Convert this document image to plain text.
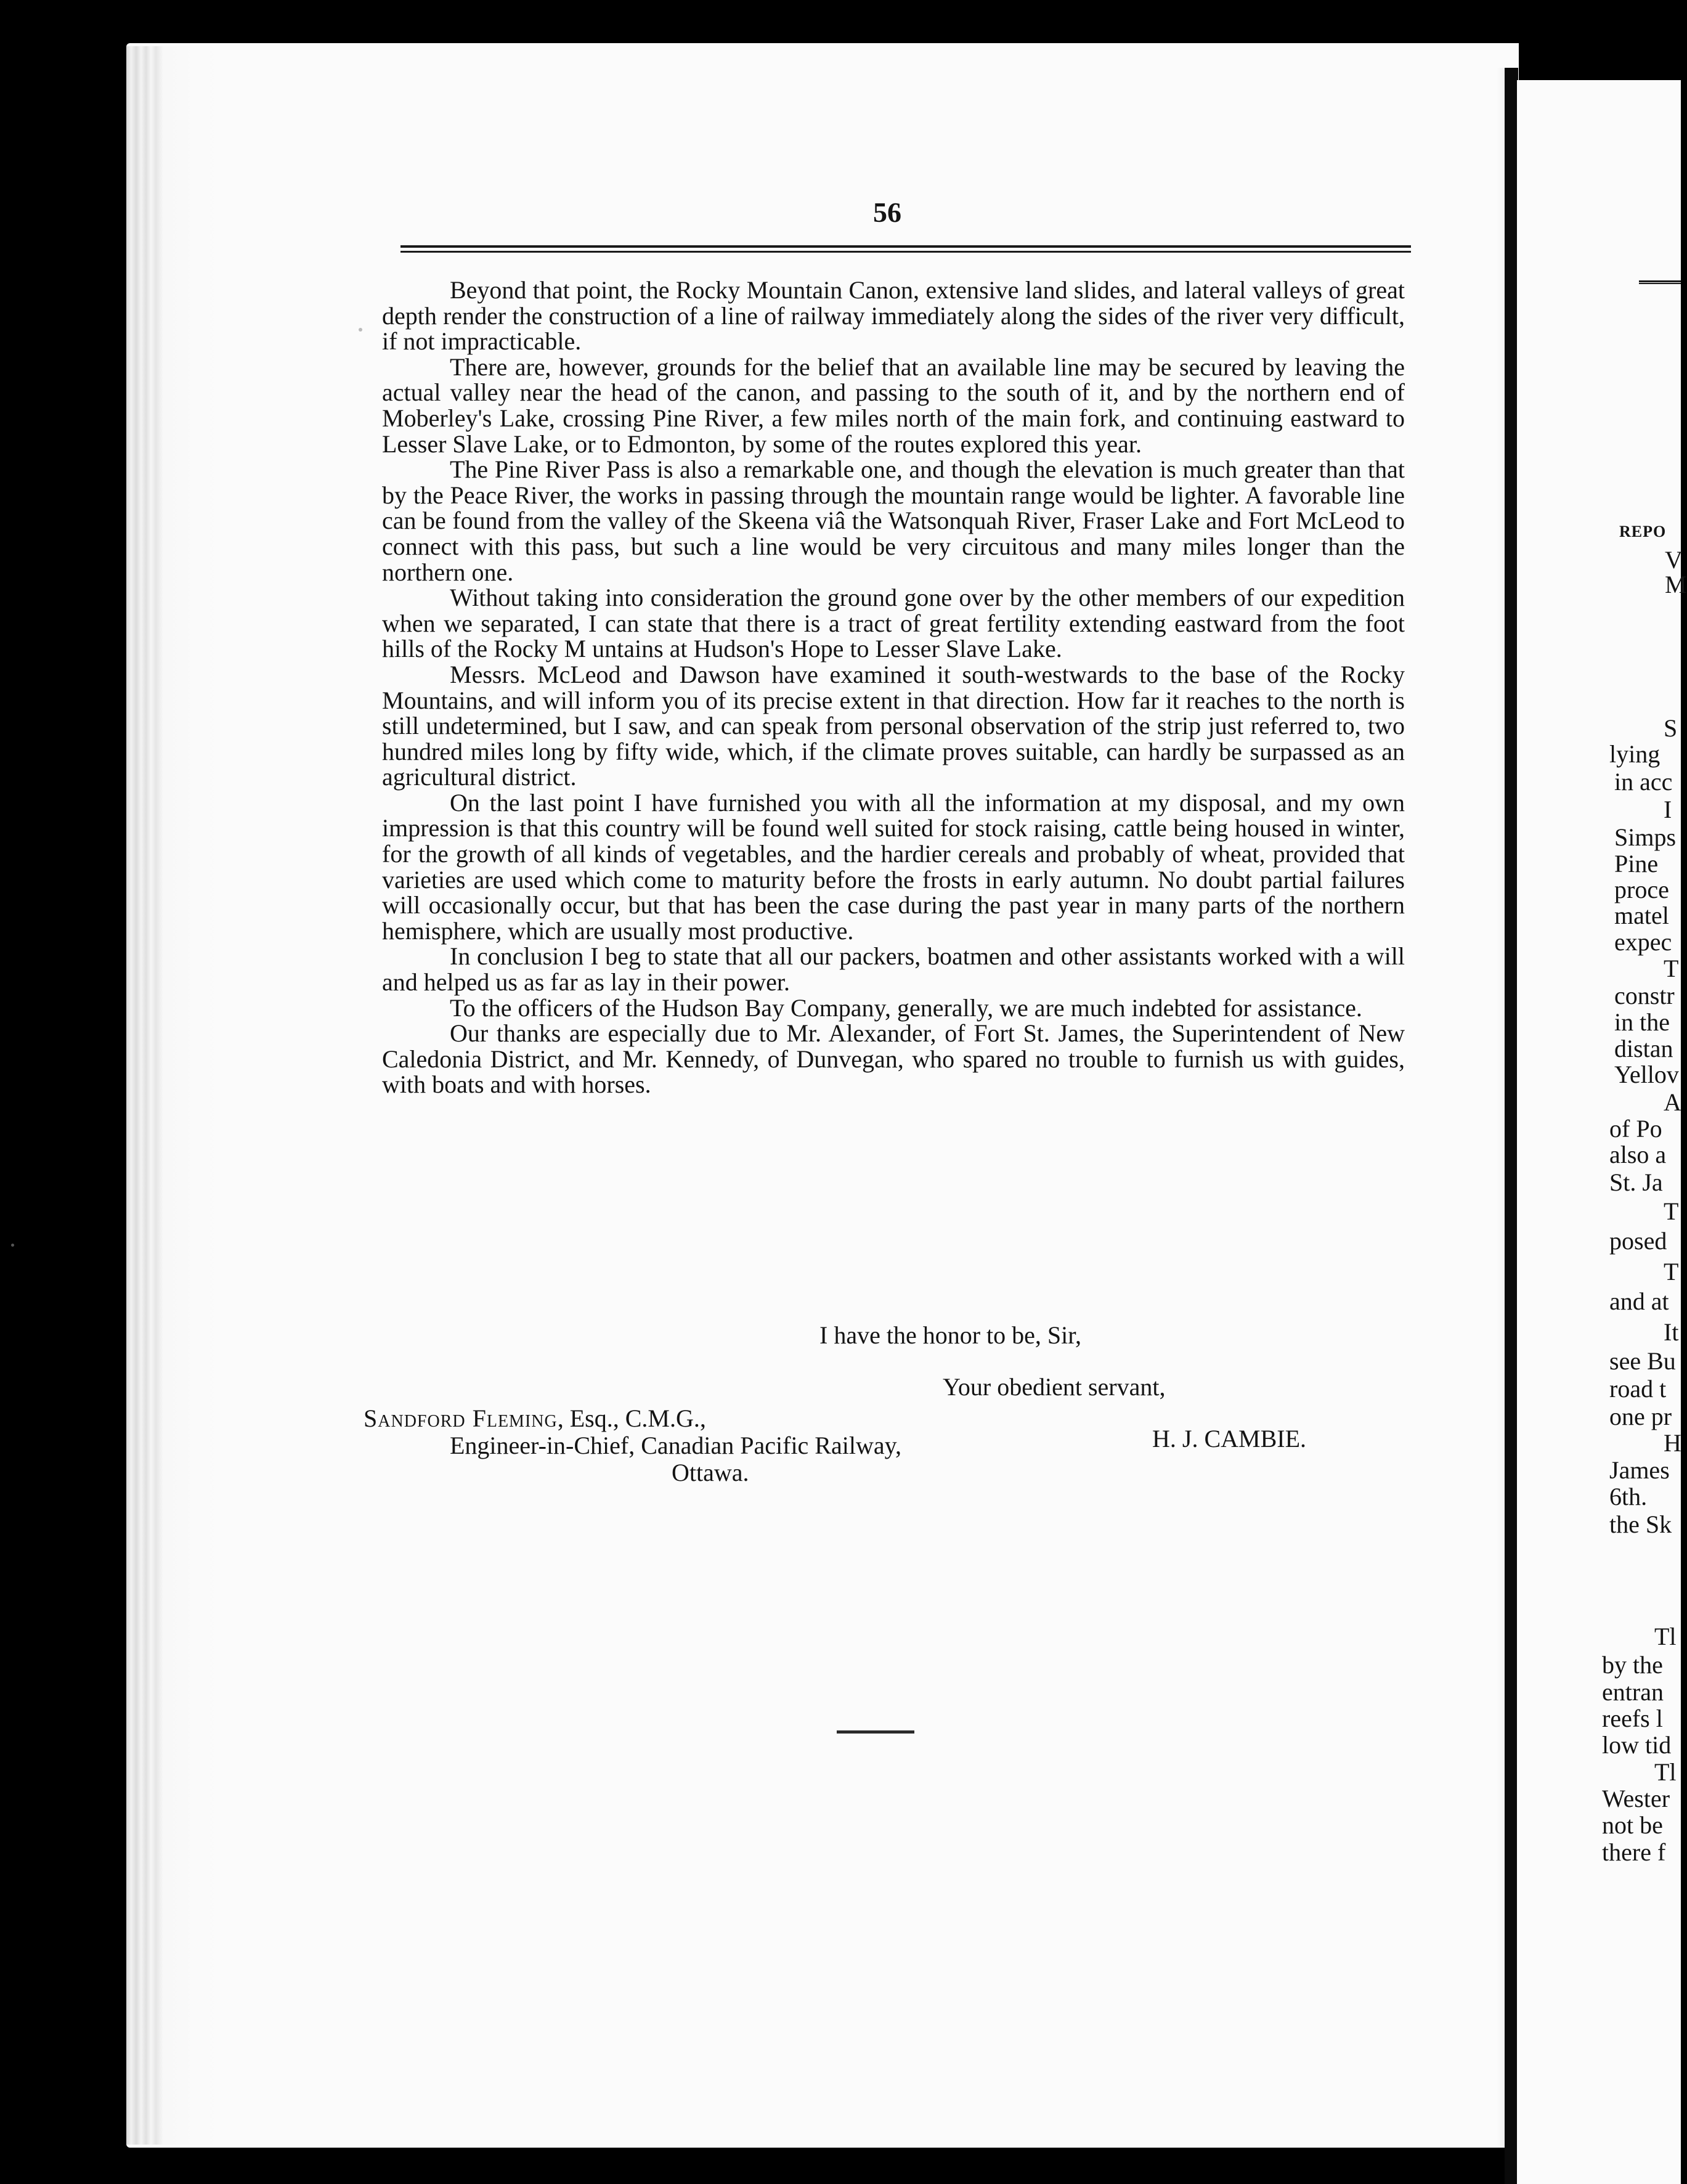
56

Beyond that point, the Rocky Mountain Canon, extensive land slides, and lateral valleys of great depth render the construction of a line of railway immediately along the sides of the river very difficult, if not impracticable.

There are, however, grounds for the belief that an available line may be secured by leaving the actual valley near the head of the canon, and passing to the south of it, and by the northern end of Moberley's Lake, crossing Pine River, a few miles north of the main fork, and continuing eastward to Lesser Slave Lake, or to Edmonton, by some of the routes explored this year.

The Pine River Pass is also a remarkable one, and though the elevation is much greater than that by the Peace River, the works in passing through the mountain range would be lighter. A favorable line can be found from the valley of the Skeena viâ the Watsonquah River, Fraser Lake and Fort McLeod to connect with this pass, but such a line would be very circuitous and many miles longer than the northern one.

Without taking into consideration the ground gone over by the other members of our expedition when we separated, I can state that there is a tract of great fertility extending eastward from the foot hills of the Rocky M untains at Hudson's Hope to Lesser Slave Lake.

Messrs. McLeod and Dawson have examined it south-westwards to the base of the Rocky Mountains, and will inform you of its precise extent in that direction. How far it reaches to the north is still undetermined, but I saw, and can speak from personal observation of the strip just referred to, two hundred miles long by fifty wide, which, if the climate proves suitable, can hardly be surpassed as an agricultural district.

On the last point I have furnished you with all the information at my disposal, and my own impression is that this country will be found well suited for stock raising, cattle being housed in winter, for the growth of all kinds of vegetables, and the hardier cereals and probably of wheat, provided that varieties are used which come to maturity before the frosts in early autumn. No doubt partial failures will occasionally occur, but that has been the case during the past year in many parts of the northern hemisphere, which are usually most productive.

In conclusion I beg to state that all our packers, boatmen and other assistants worked with a will and helped us as far as lay in their power.

To the officers of the Hudson Bay Company, generally, we are much indebted for assistance.

Our thanks are especially due to Mr. Alexander, of Fort St. James, the Superintendent of New Caledonia District, and Mr. Kennedy, of Dunvegan, who spared no trouble to furnish us with guides, with boats and with horses.

I have the honor to be, Sir,
Your obedient servant,
H. J. CAMBIE.
Sandford Fleming, Esq., C.M.G.,
Engineer-in-Chief, Canadian Pacific Railway,
Ottawa.
REPO
V
M
S
lying
in acc
I
Simps
Pine
proce
matel
expec
T
constr
in the
distan
Yellov
A
of Po
also a
St. Ja
T
posed
T
and at
It
see Bu
road t
one pr
H
James
6th.
the Sk
Tl
by the
entran
reefs l
low tid
Tl
Wester
not be
there f
